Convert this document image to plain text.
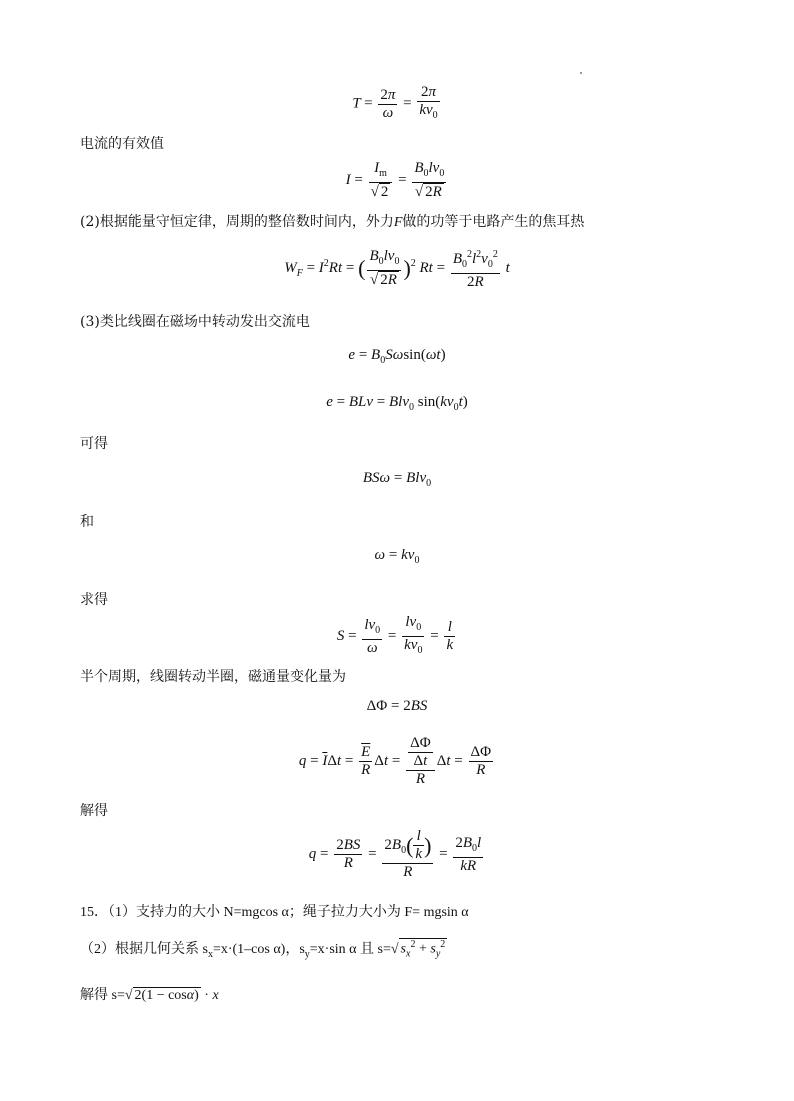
$T = \frac{2\pi}{\omega} = \frac{2\pi}{kv_0}$
电流的有效值
$I = \frac{I_m}{√ 2} = \frac{B_0lv_0}{√ 2R}$
(2)根据能量守恒定律，周期的整倍数时间内，外力F做的功等于电路产生的焦耳热
$W_F = I^2Rt$ = ( $\frac{B_0lv_0}{√ 2R} )^2$ $Rt = \frac{B_0^2l^2v_0^2}{2R}$ t
(3)类比线圈在磁场中转动发出交流电
$e = B_0S\omega\sin(\omega t)$
e = BLv = Blv$_0$ $\sin(kv_0t)$
可得
BSω = Blv$_0$
和
$\omega = kv_0$
求得
$S = \frac{lv_0}{\omega} = \frac{lv_0}{kv_0} = \frac{l}{k}$
半个周期，线圈转动半圈，磁通量变化量为
ΔΦ = 2BS
$q = \overline{I}\Delta t = \frac{\overline{E}}{R}$ $\Delta t = \frac{\frac{\Delta\Phi}{\Delta t}}{R}$ $\Delta t = \frac{\Delta\Phi}{R}$
解得
$q = \frac{2BS}{R} = \frac{2B_0( \frac{l}{k} )}{R} = \frac{2B_0l}{kR}$
15．（1）支持力的大小 N=mgcos α；绳子拉力大小为 F= mgsin α
（2）根据几何关系 $s_x=x\cdot(1-\cos$ α)，$s_y=x\cdot\sin$ α 且 s=√ $s_x^2 + s_y^2$
解得 s=√ 2(1 − cosα) · x
